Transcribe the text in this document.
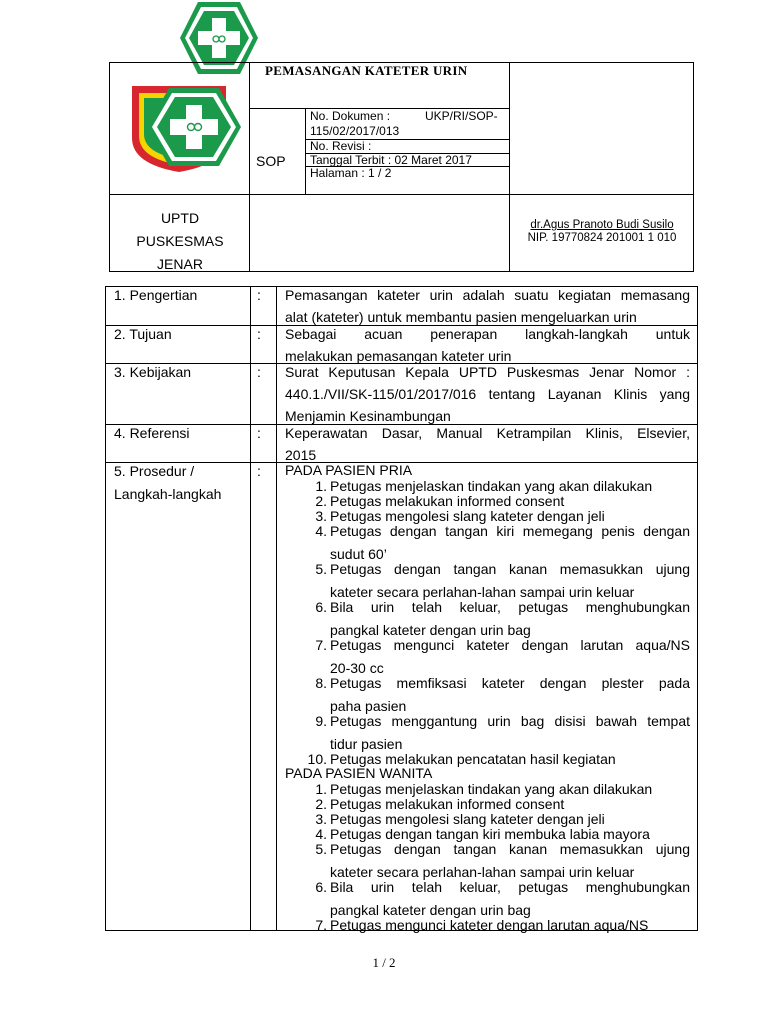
PEMASANGAN KATETER URIN
SOP
No. Dokumen :	UKP/RI/SOP-
115/02/2017/013
No. Revisi :
Tanggal Terbit : 02 Maret 2017
Halaman : 1 / 2
UPTD
PUSKESMAS
JENAR
dr.Agus Pranoto Budi Susilo
NIP. 19770824 201001 1 010
1. Pengertian	: Pemasangan kateter urin adalah suatu kegiatan memasang
alat (kateter) untuk membantu pasien mengeluarkan urin
2. Tujuan	: Sebagai acuan penerapan langkah-langkah untuk
melakukan pemasangan kateter urin
3. Kebijakan	: Surat Keputusan Kepala UPTD Puskesmas Jenar Nomor :
440.1./VII/SK-115/01/2017/016 tentang Layanan Klinis yang
Menjamin Kesinambungan
4. Referensi	: Keperawatan Dasar, Manual Ketrampilan Klinis, Elsevier,
2015
5. Prosedur /
Langkah-langkah
: PADA PASIEN PRIA
1. Petugas menjelaskan tindakan yang akan dilakukan
2. Petugas melakukan informed consent
3. Petugas mengolesi slang kateter dengan jeli
4. Petugas dengan tangan kiri memegang penis dengan
sudut 60’
5. Petugas dengan tangan kanan memasukkan ujung
kateter secara perlahan-lahan sampai urin keluar
6. Bila urin telah keluar, petugas menghubungkan
pangkal kateter dengan urin bag
7. Petugas mengunci kateter dengan larutan aqua/NS
20-30 cc
8. Petugas memfiksasi kateter dengan plester pada
paha pasien
9. Petugas menggantung urin bag disisi bawah tempat
tidur pasien
10. Petugas melakukan pencatatan hasil kegiatan
PADA PASIEN WANITA
1. Petugas menjelaskan tindakan yang akan dilakukan
2. Petugas melakukan informed consent
3. Petugas mengolesi slang kateter dengan jeli
4. Petugas dengan tangan kiri membuka labia mayora
5. Petugas dengan tangan kanan memasukkan ujung
kateter secara perlahan-lahan sampai urin keluar
6. Bila urin telah keluar, petugas menghubungkan
pangkal kateter dengan urin bag
7. Petugas mengunci kateter dengan larutan aqua/NS
1 / 2
